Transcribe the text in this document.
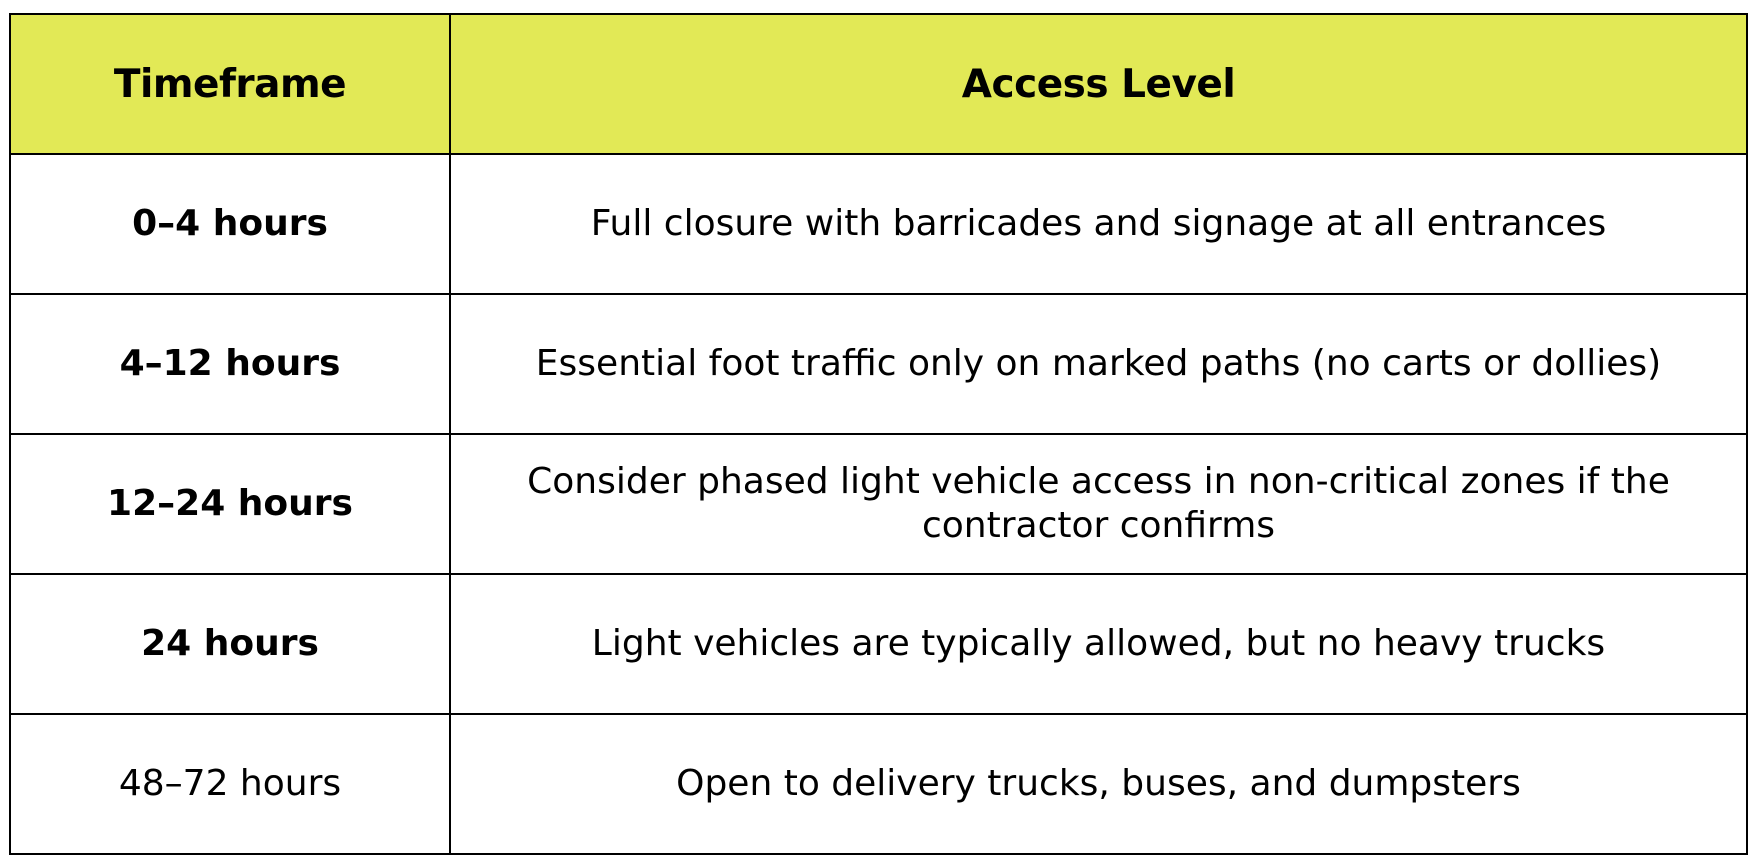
Timeframe	Access Level
0–4 hours	Full closure with barricades and signage at all entrances
4–12 hours	Essential foot traffic only on marked paths (no carts or dollies)
12–24 hours	Consider phased light vehicle access in non-critical zones if the contractor confirms
24 hours	Light vehicles are typically allowed, but no heavy trucks
48–72 hours	Open to delivery trucks, buses, and dumpsters
